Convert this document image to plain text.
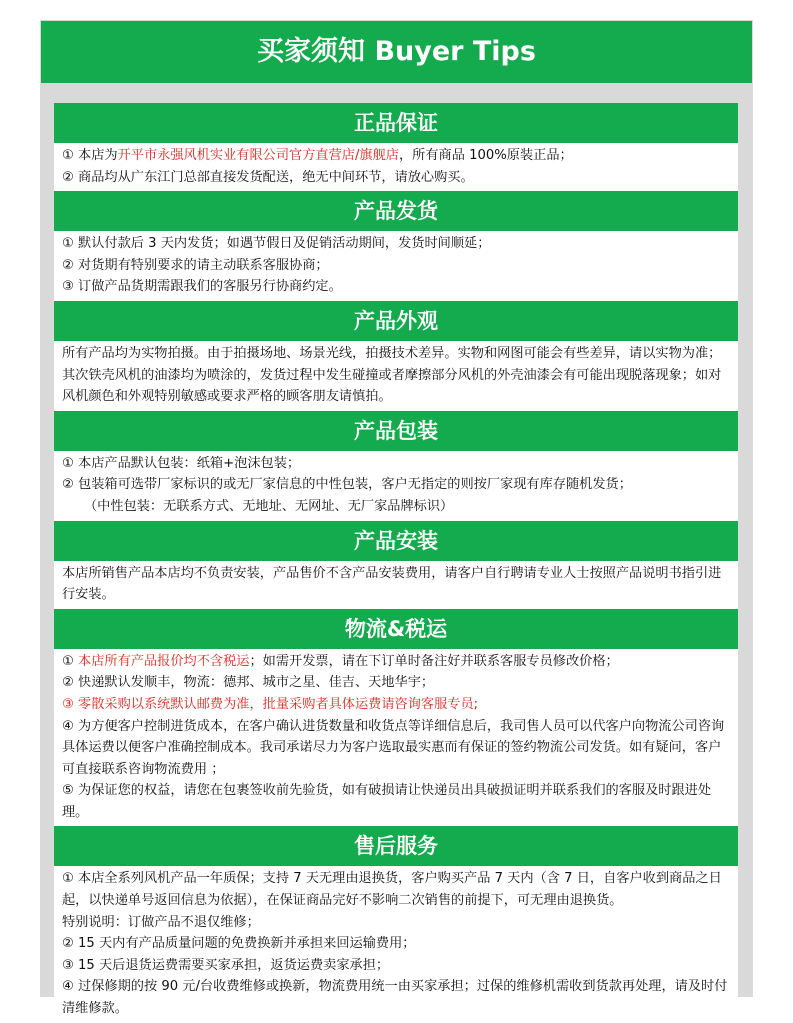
买家须知 Buyer Tips
正品保证
① 本店为开平市永强风机实业有限公司官方直营店/旗舰店，所有商品 100%原装正品；
② 商品均从广东江门总部直接发货配送，绝无中间环节，请放心购买。
产品发货
① 默认付款后 3 天内发货；如遇节假日及促销活动期间，发货时间顺延；
② 对货期有特别要求的请主动联系客服协商；
③ 订做产品货期需跟我们的客服另行协商约定。
产品外观
所有产品均为实物拍摄。由于拍摄场地、场景光线，拍摄技术差异。实物和网图可能会有些差异，请以实物为准；其次铁壳风机的油漆均为喷涂的，发货过程中发生碰撞或者摩擦部分风机的外壳油漆会有可能出现脱落现象；如对风机颜色和外观特别敏感或要求严格的顾客朋友请慎拍。
产品包装
① 本店产品默认包装：纸箱+泡沫包装；
② 包装箱可选带厂家标识的或无厂家信息的中性包装，客户无指定的则按厂家现有库存随机发货；
（中性包装：无联系方式、无地址、无网址、无厂家品牌标识）
产品安装
本店所销售产品本店均不负责安装，产品售价不含产品安装费用，请客户自行聘请专业人士按照产品说明书指引进行安装。
物流&税运
① 本店所有产品报价均不含税运；如需开发票，请在下订单时备注好并联系客服专员修改价格；
② 快递默认发顺丰，物流：德邦、城市之星、佳吉、天地华宇；
③ 零散采购以系统默认邮费为准，批量采购者具体运费请咨询客服专员;
④ 为方便客户控制进货成本，在客户确认进货数量和收货点等详细信息后，我司售人员可以代客户向物流公司咨询具体运费以便客户准确控制成本。我司承诺尽力为客户选取最实惠而有保证的签约物流公司发货。如有疑问，客户可直接联系咨询物流费用 ；
⑤ 为保证您的权益，请您在包裹签收前先验货，如有破损请让快递员出具破损证明并联系我们的客服及时跟进处理。
售后服务
① 本店全系列风机产品一年质保；支持 7 天无理由退换货，客户购买产品 7 天内（含 7 日，自客户收到商品之日起，以快递单号返回信息为依据），在保证商品完好不影响二次销售的前提下，可无理由退换货。
特别说明：订做产品不退仅维修；
② 15 天内有产品质量问题的免费换新并承担来回运输费用；
③ 15 天后退货运费需要买家承担，返货运费卖家承担；
④ 过保修期的按 90 元/台收费维修或换新，物流费用统一由买家承担；过保的维修机需收到货款再处理，请及时付清维修款。
